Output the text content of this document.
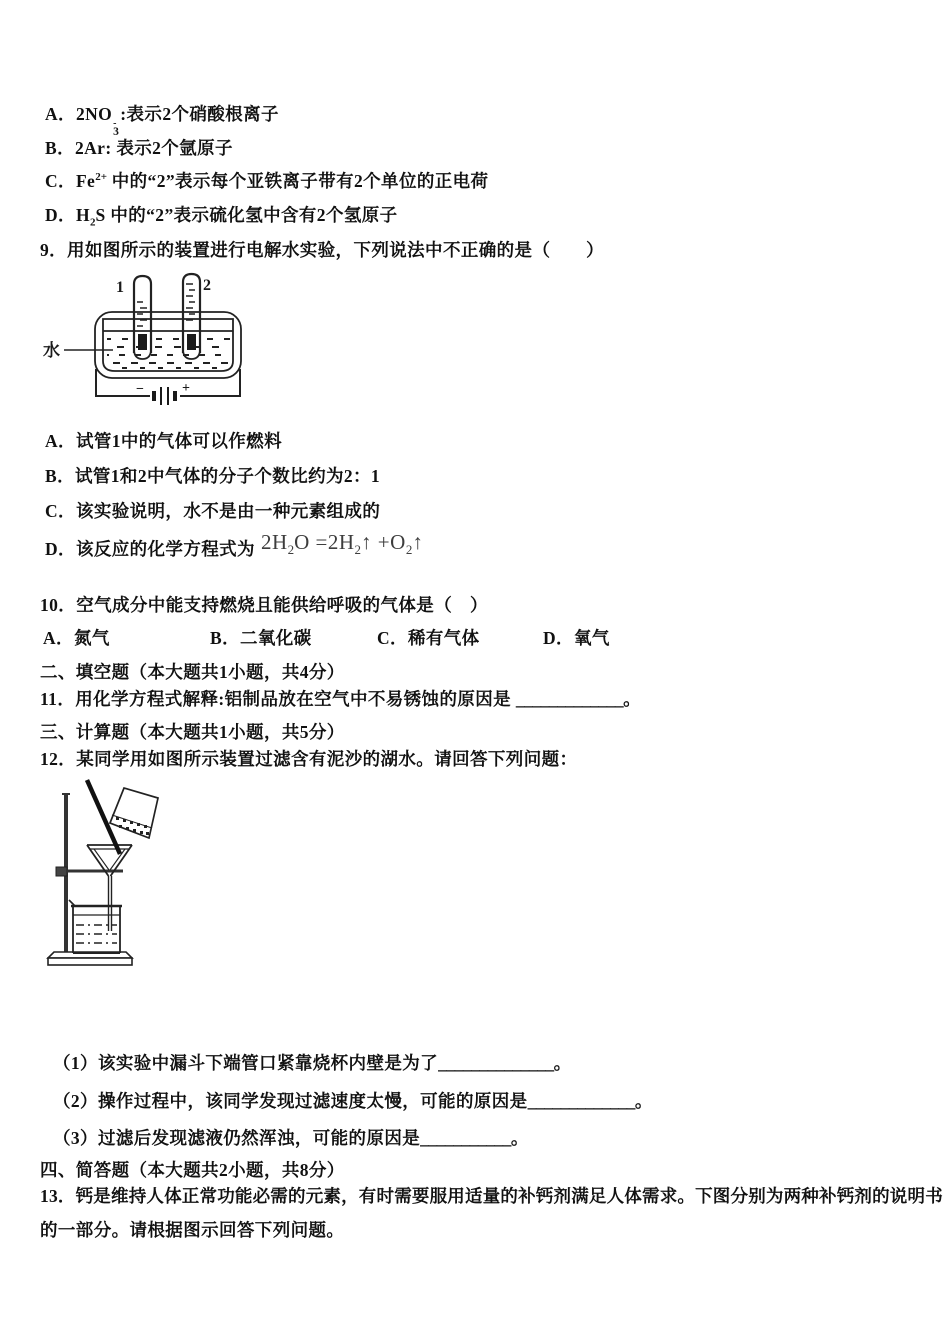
A．2NO -
3
:表示2个硝酸根离子
B．2Ar: 表示2个氩原子
C．$Fe^{2+}$ 中的“2”表示每个亚铁离子带有2个单位的正电荷
D．$H_2S$ 中的“2”表示硫化氢中含有2个氢原子
9．用如图所示的装置进行电解水实验，下列说法中不正确的是（　　）
1	2
水
−	+
A．试管1中的气体可以作燃料
B．试管1和2中气体的分子个数比约为2：1
C．该实验说明，水不是由一种元素组成的
D．该反应的化学方程式为 $2H_2O$ $=2H_2↑$ $+O_2↑$
10．空气成分中能支持燃烧且能供给呼吸的气体是（　）
A．氮气	B．二氧化碳	C．稀有气体	D．氧气
二、填空题（本大题共1小题，共4分）
11．用化学方程式解释:铝制品放在空气中不易锈蚀的原因是 _____________。
三、计算题（本大题共1小题，共5分）
12．某同学用如图所示装置过滤含有泥沙的湖水。请回答下列问题：
（1）该实验中漏斗下端管口紧靠烧杯内壁是为了______________。
（2）操作过程中，该同学发现过滤速度太慢，可能的原因是_____________。
（3）过滤后发现滤液仍然浑浊，可能的原因是___________。
四、简答题（本大题共2小题，共8分）
13．钙是维持人体正常功能必需的元素，有时需要服用适量的补钙剂满足人体需求。下图分别为两种补钙剂的说明书
的一部分。请根据图示回答下列问题。
